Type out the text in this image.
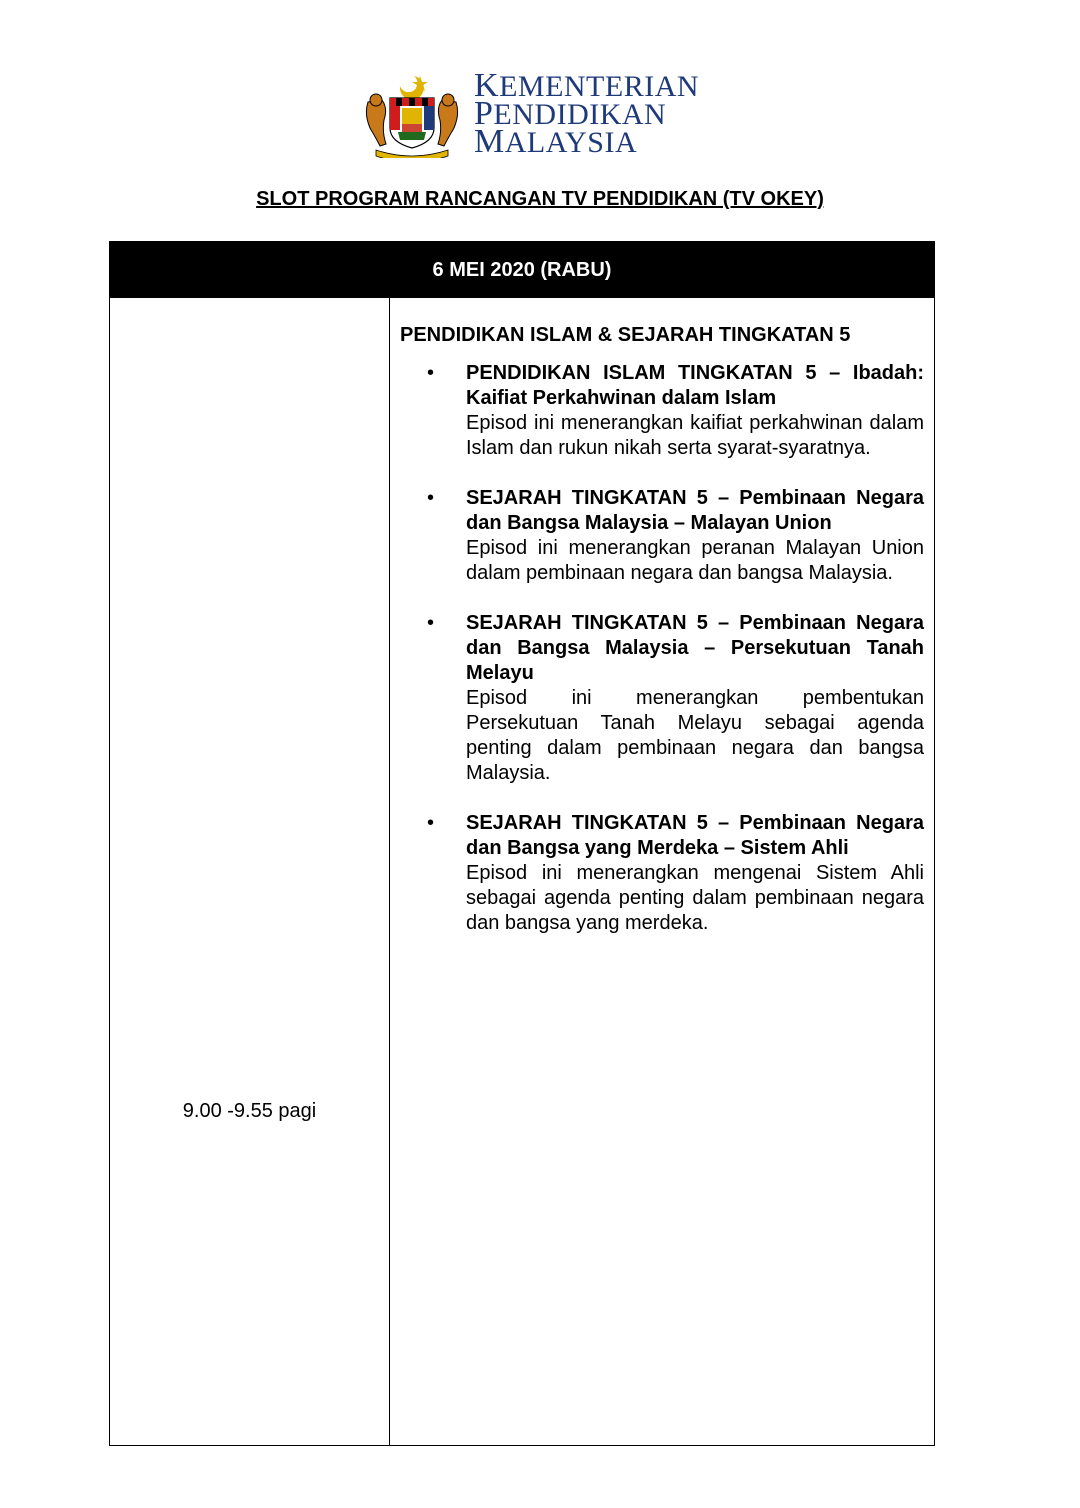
KEMENTERIAN
PENDIDIKAN
MALAYSIA
SLOT PROGRAM RANCANGAN TV PENDIDIKAN (TV OKEY)
6 MEI 2020 (RABU)
9.00 -9.55 pagi
PENDIDIKAN ISLAM & SEJARAH TINGKATAN 5
• PENDIDIKAN ISLAM TINGKATAN 5 – Ibadah: Kaifiat Perkahwinan dalam Islam
Episod ini menerangkan kaifiat perkahwinan dalam Islam dan rukun nikah serta syarat-syaratnya.
• SEJARAH TINGKATAN 5 – Pembinaan Negara dan Bangsa Malaysia – Malayan Union
Episod ini menerangkan peranan Malayan Union dalam pembinaan negara dan bangsa Malaysia.
• SEJARAH TINGKATAN 5 – Pembinaan Negara dan Bangsa Malaysia – Persekutuan Tanah Melayu
Episod ini menerangkan pembentukan Persekutuan Tanah Melayu sebagai agenda penting dalam pembinaan negara dan bangsa Malaysia.
• SEJARAH TINGKATAN 5 – Pembinaan Negara dan Bangsa yang Merdeka – Sistem Ahli
Episod ini menerangkan mengenai Sistem Ahli sebagai agenda penting dalam pembinaan negara dan bangsa yang merdeka.
